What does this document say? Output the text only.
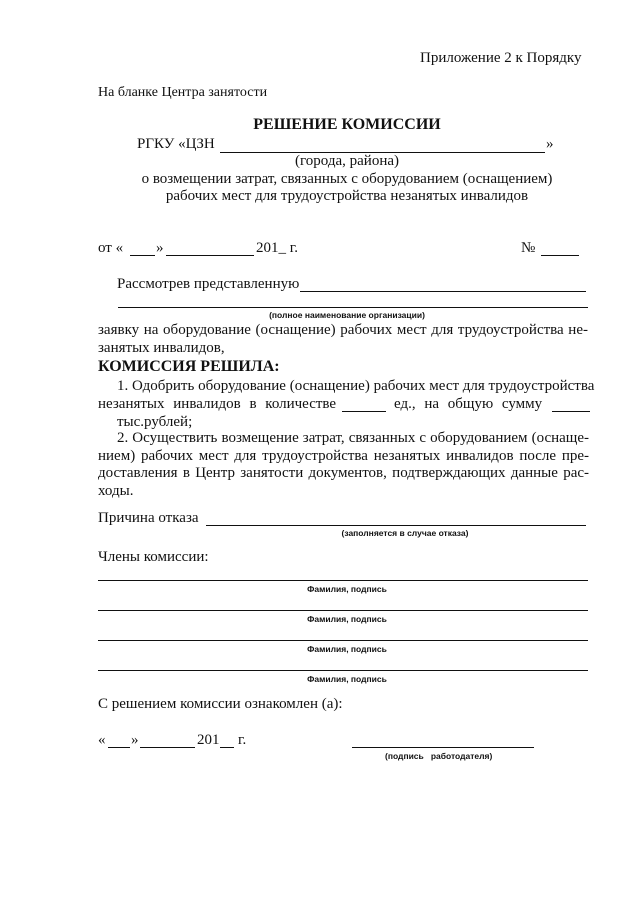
Приложение 2 к Порядку
На бланке Центра занятости
РЕШЕНИЕ КОМИССИИ
РГКУ «ЦЗН	»
(города, района)
о возмещении затрат, связанных с оборудованием (оснащением)
рабочих мест для трудоустройства незанятых инвалидов
от « »	201_ г.	№
Рассмотрев представленную
(полное наименование организации)
заявку на оборудование (оснащение) рабочих мест для трудоустройства не-
занятых инвалидов,
КОМИССИЯ РЕШИЛА:
1. Одобрить оборудование (оснащение) рабочих мест для трудоустройства
незанятых инвалидов в количестве	ед., на общую сумму
тыс.рублей;
2. Осуществить возмещение затрат, связанных с оборудованием (оснаще-
нием) рабочих мест для трудоустройства незанятых инвалидов после пре-
доставления в Центр занятости документов, подтверждающих данные рас-
ходы.
Причина отказа
(заполняется в случае отказа)
Члены комиссии:
Фамилия, подпись
Фамилия, подпись
Фамилия, подпись
Фамилия, подпись
С решением комиссии ознакомлен (а):
« »	201 г.
(подпись   работодателя)
